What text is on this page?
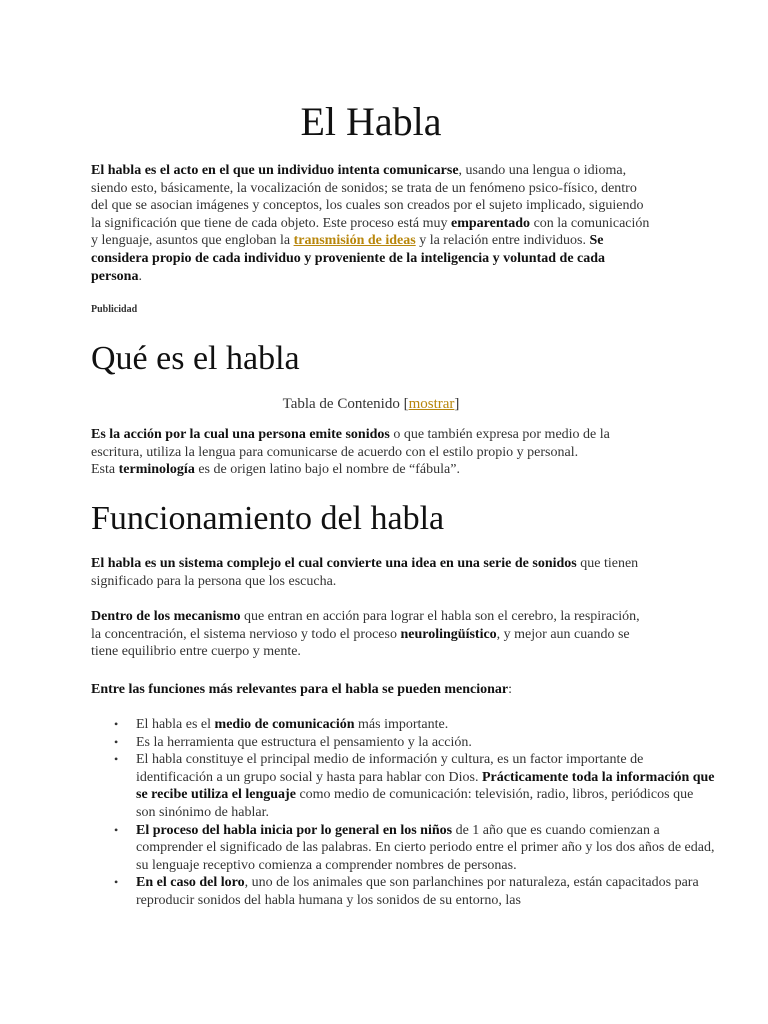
El Habla

El habla es el acto en el que un individuo intenta comunicarse, usando una lengua o idioma, siendo esto, básicamente, la vocalización de sonidos; se trata de un fenómeno psico-físico, dentro del que se asocian imágenes y conceptos, los cuales son creados por el sujeto implicado, siguiendo la significación que tiene de cada objeto. Este proceso está muy emparentado con la comunicación y lenguaje, asuntos que engloban la transmisión de ideas y la relación entre individuos. Se considera propio de cada individuo y proveniente de la inteligencia y voluntad de cada persona.

Publicidad
Qué es el habla
Tabla de Contenido [mostrar]

Es la acción por la cual una persona emite sonidos o que también expresa por medio de la escritura, utiliza la lengua para comunicarse de acuerdo con el estilo propio y personal.
Esta terminología es de origen latino bajo el nombre de “fábula”.

Funcionamiento del habla

El habla es un sistema complejo el cual convierte una idea en una serie de sonidos que tienen significado para la persona que los escucha.

Dentro de los mecanismo que entran en acción para lograr el habla son el cerebro, la respiración, la concentración, el sistema nervioso y todo el proceso neurolingüístico, y mejor aun cuando se tiene equilibrio entre cuerpo y mente.

Entre las funciones más relevantes para el habla se pueden mencionar:

• El habla es el medio de comunicación más importante.
• Es la herramienta que estructura el pensamiento y la acción.
• El habla constituye el principal medio de información y cultura, es un factor importante de identificación a un grupo social y hasta para hablar con Dios. Prácticamente toda la información que se recibe utiliza el lenguaje como medio de comunicación: televisión, radio, libros, periódicos que son sinónimo de hablar.
• El proceso del habla inicia por lo general en los niños de 1 año que es cuando comienzan a comprender el significado de las palabras. En cierto periodo entre el primer año y los dos años de edad, su lenguaje receptivo comienza a comprender nombres de personas.
• En el caso del loro, uno de los animales que son parlanchines por naturaleza, están capacitados para reproducir sonidos del habla humana y los sonidos de su entorno, las
